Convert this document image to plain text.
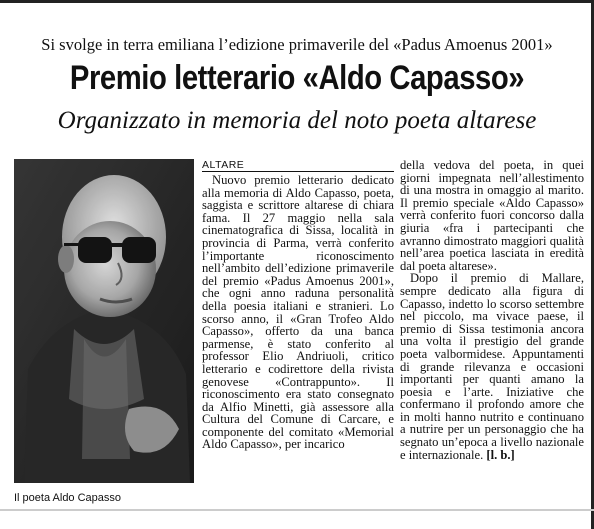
Si svolge in terra emiliana l’edizione primaverile del «Padus Amoenus 2001»
Premio letterario «Aldo Capasso»
Organizzato in memoria del noto poeta altarese
Il poeta Aldo Capasso
ALTARE

Nuovo premio letterario dedicato alla memoria di Aldo Capasso, poeta, saggista e scrittore altarese di chiara fama. Il 27 maggio nella sala cinematografica di Sissa, località in provincia di Parma, verrà conferito l’importante riconoscimento nell’ambito dell’edizione primaverile del premio «Padus Amoenus 2001», che ogni anno raduna personalità della poesia italiani e stranieri. Lo scorso anno, il «Gran Trofeo Aldo Capasso», offerto da una banca parmense, è stato conferito al professor Elio Andriuoli, critico letterario e codirettore della rivista genovese «Contrappunto». Il riconoscimento era stato consegnato da Alfio Minetti, già assessore alla Cultura del Comune di Carcare, e componente del comitato «Memorial Aldo Capasso», per incarico

della vedova del poeta, in quei giorni impegnata nell’allestimento di una mostra in omaggio al marito. Il premio speciale «Aldo Capasso» verrà conferito fuori concorso dalla giuria «fra i partecipanti che avranno dimostrato maggiori qualità nell’area poetica lasciata in eredità dal poeta altarese».

Dopo il premio di Mallare, sempre dedicato alla figura di Capasso, indetto lo scorso settembre nel piccolo, ma vivace paese, il premio di Sissa testimonia ancora una volta il prestigio del grande poeta valbormidese. Appuntamenti di grande rilevanza e occasioni importanti per quanti amano la poesia e l’arte. Iniziative che confermano il profondo amore che in molti hanno nutrito e continuano a nutrire per un personaggio che ha segnato un’epoca a livello nazionale e internazionale. [l. b.]
